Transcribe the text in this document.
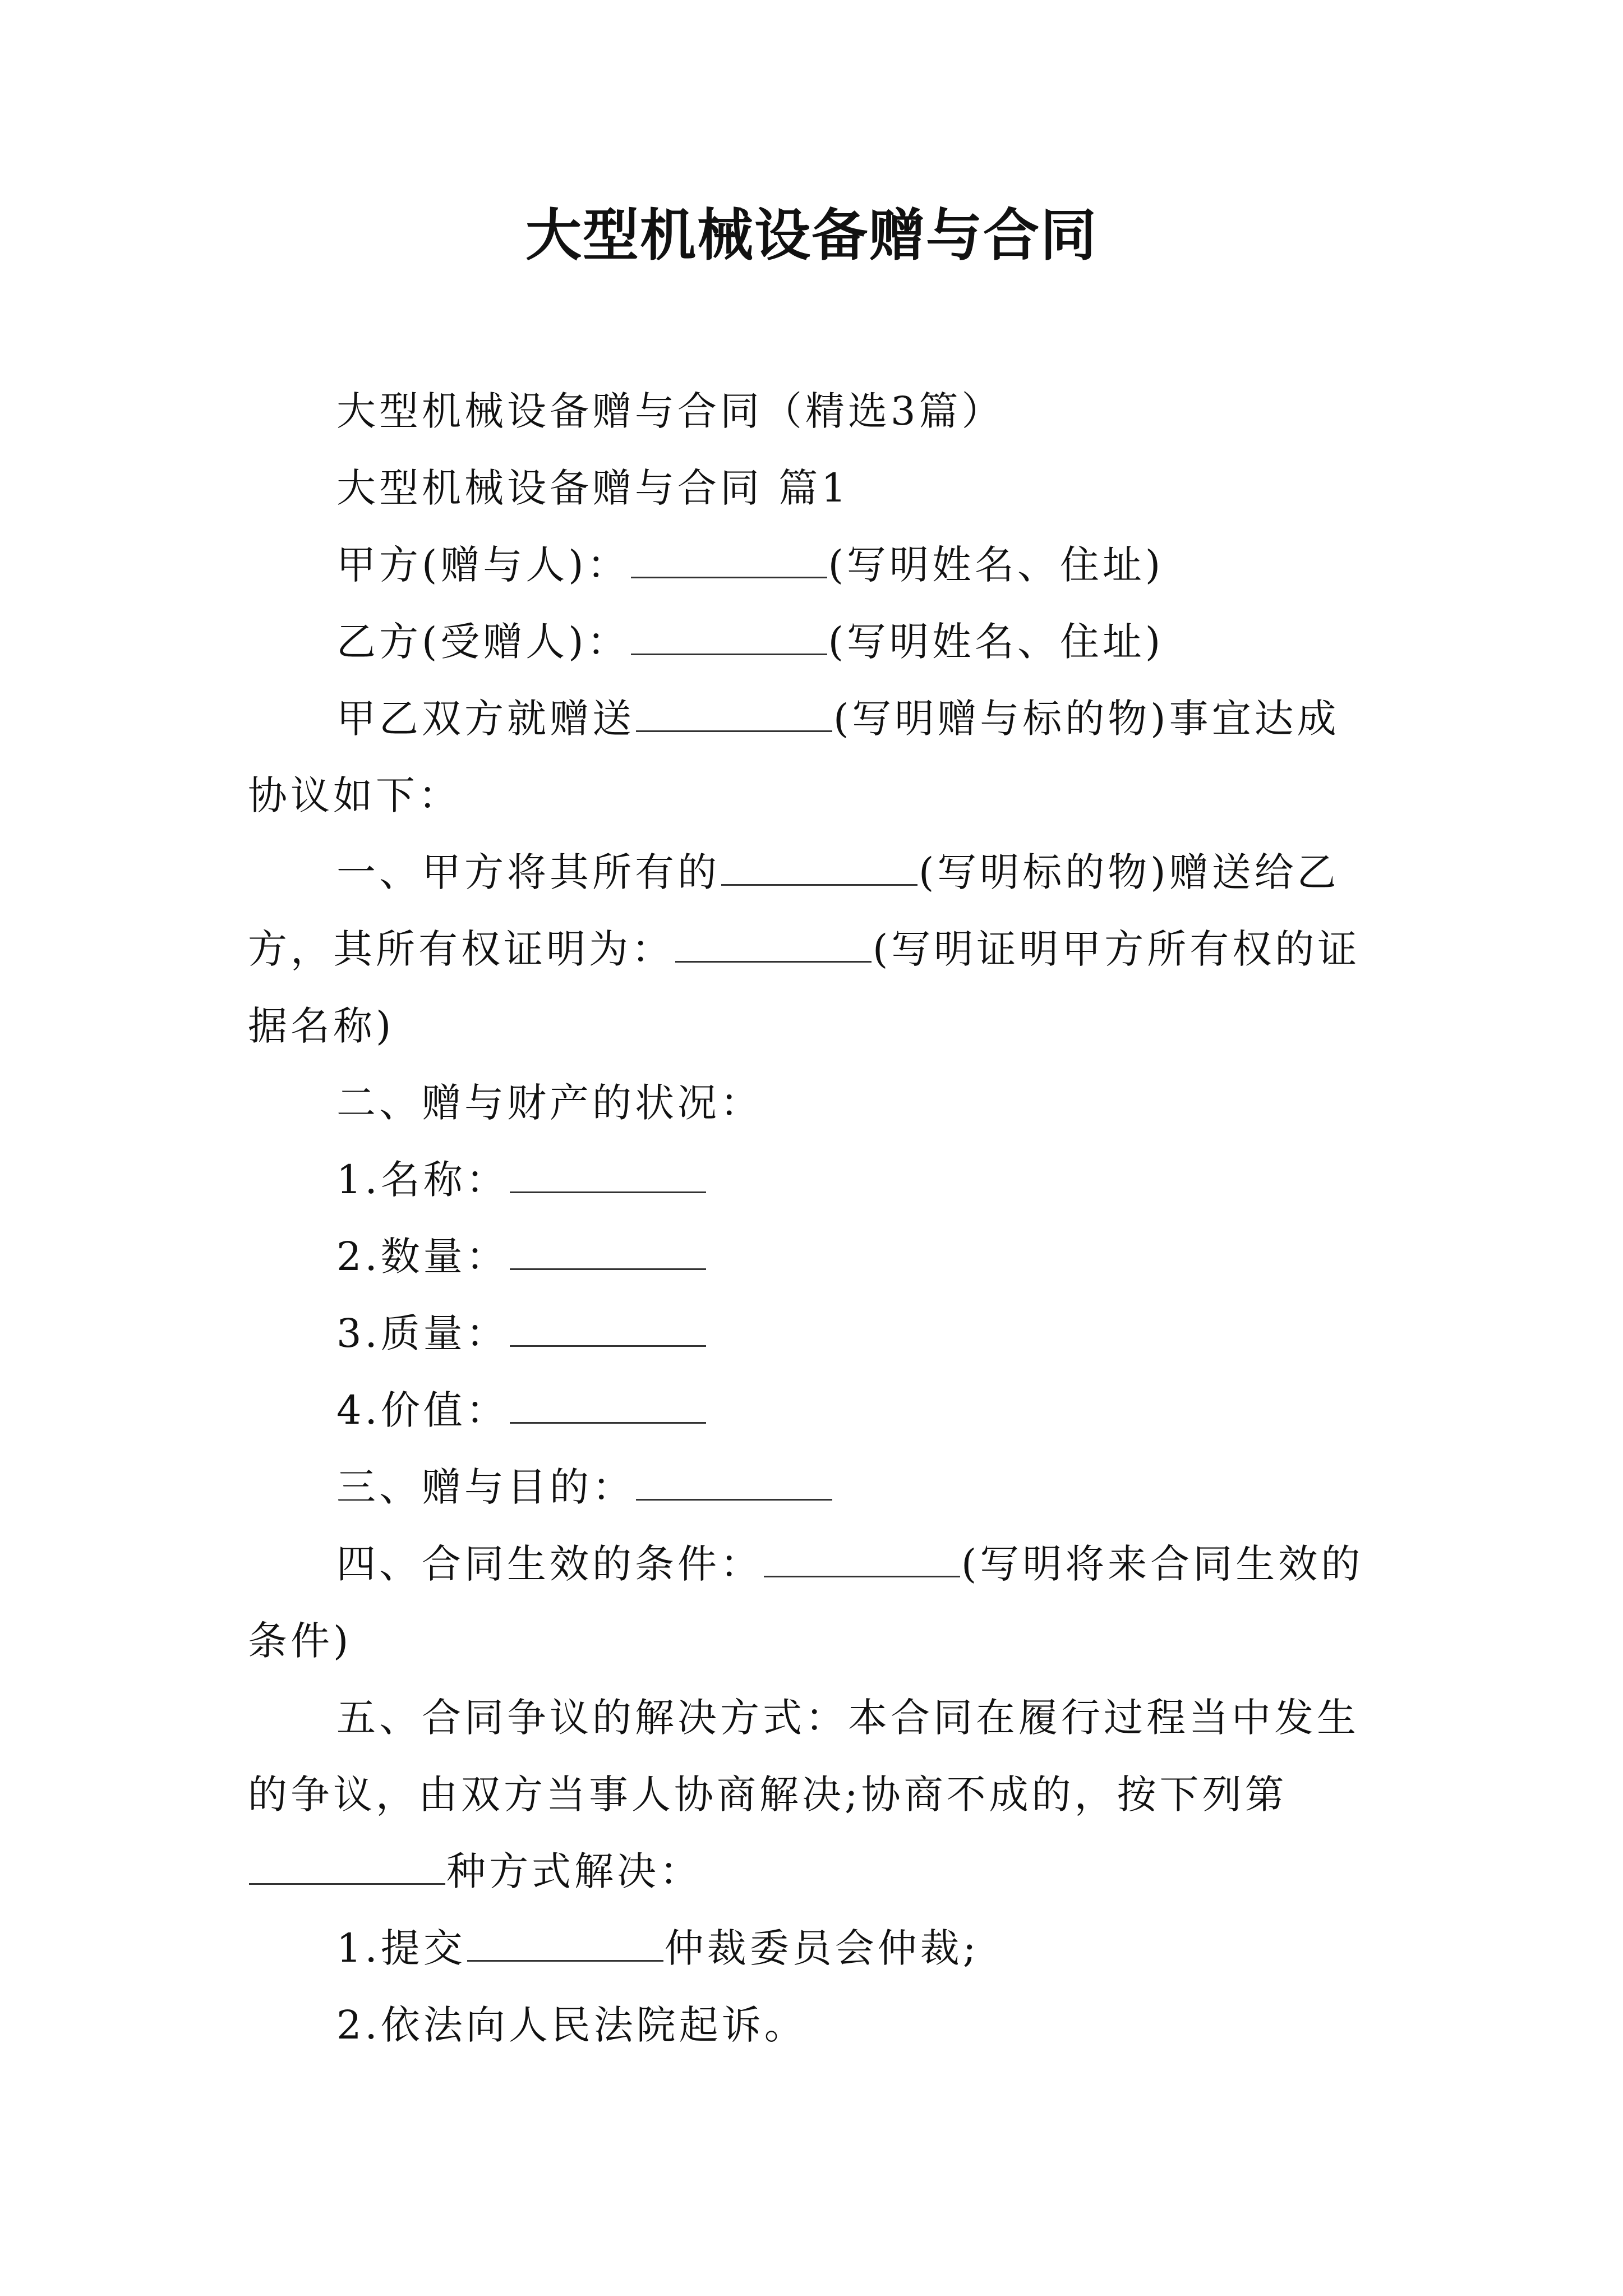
大型机械设备赠与合同

大型机械设备赠与合同（精选3篇）

大型机械设备赠与合同 篇1

甲方(赠与人)：	(写明姓名、住址)

乙方(受赠人)：	(写明姓名、住址)

甲乙双方就赠送	(写明赠与标的物)事宜达成协议如下：

一、甲方将其所有的	(写明标的物)赠送给乙方，其所有权证明为：	(写明证明甲方所有权的证据名称)

二、赠与财产的状况：

1.名称：

2.数量：

3.质量：

4.价值：

三、赠与目的：

四、合同生效的条件：	(写明将来合同生效的条件)

五、合同争议的解决方式：本合同在履行过程当中发生的争议，由双方当事人协商解决;协商不成的，按下列第种方式解决：

1.提交	仲裁委员会仲裁;

2.依法向人民法院起诉。
